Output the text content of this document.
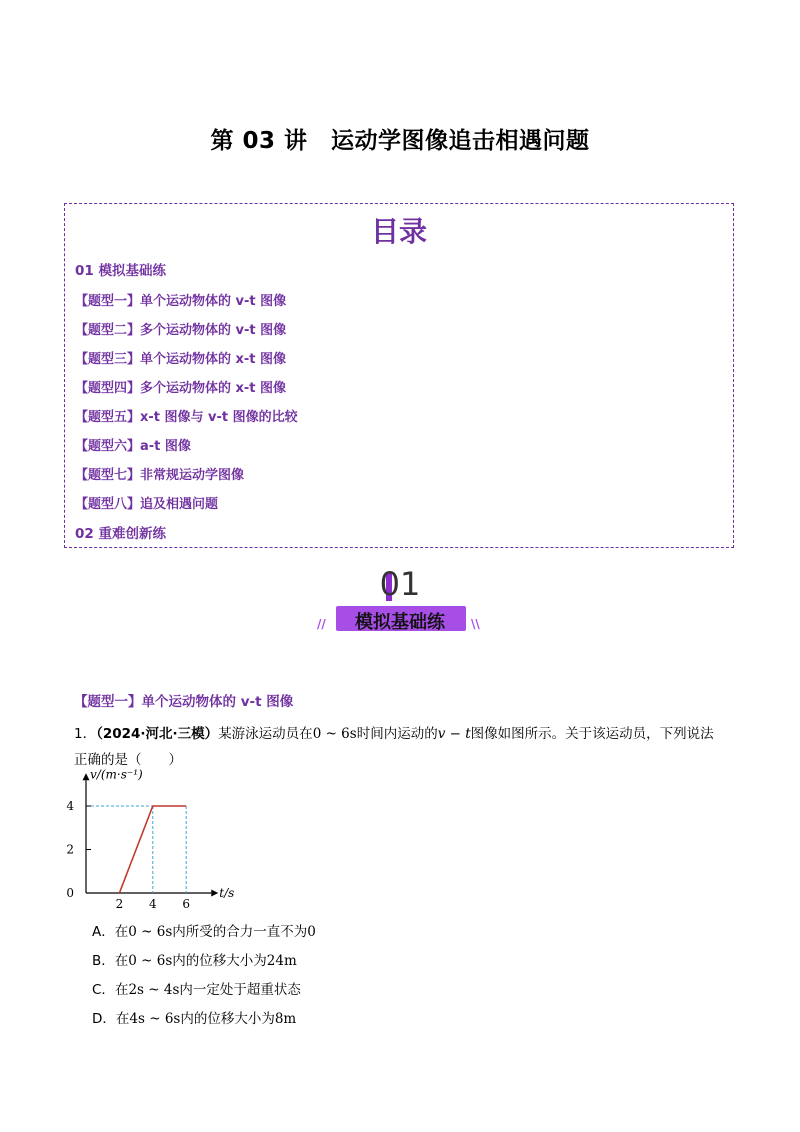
第 03 讲　运动学图像追击相遇问题
目录
01 模拟基础练
【题型一】单个运动物体的 v-t 图像
【题型二】多个运动物体的 v-t 图像
【题型三】单个运动物体的 x-t 图像
【题型四】多个运动物体的 x-t 图像
【题型五】x-t 图像与 v-t 图像的比较
【题型六】a-t 图像
【题型七】非常规运动学图像
【题型八】追及相遇问题
02 重难创新练
01
模拟基础练
//	\\
【题型一】单个运动物体的 v-t 图像
1．（2024·河北·三模）某游泳运动员在0 ~ 6s时间内运动的v − t图像如图所示。关于该运动员，下列说法
正确的是（　　）
0
2
4
2 4 6
t/s
v/(m·s⁻¹)
A．在0 ~ 6s内所受的合力一直不为0
B．在0 ~ 6s内的位移大小为24m
C．在2s ~ 4s内一定处于超重状态
D．在4s ~ 6s内的位移大小为8m
